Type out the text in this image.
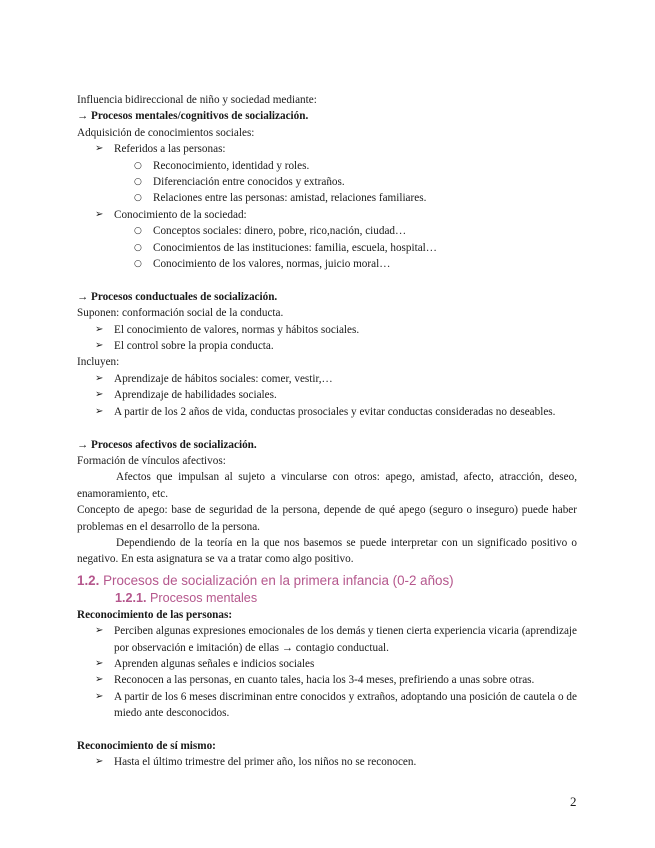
Influencia bidireccional de niño y sociedad mediante:
→ Procesos mentales/cognitivos de socialización.
Adquisición de conocimientos sociales:
➢ Referidos a las personas:
○ Reconocimiento, identidad y roles.
○ Diferenciación entre conocidos y extraños.
○ Relaciones entre las personas: amistad, relaciones familiares.
➢ Conocimiento de la sociedad:
○ Conceptos sociales: dinero, pobre, rico,nación, ciudad…
○ Conocimientos de las instituciones: familia, escuela, hospital…
○ Conocimiento de los valores, normas, juicio moral…
→ Procesos conductuales de socialización.
Suponen: conformación social de la conducta.
➢ El conocimiento de valores, normas y hábitos sociales.
➢ El control sobre la propia conducta.
Incluyen:
➢ Aprendizaje de hábitos sociales: comer, vestir,…
➢ Aprendizaje de habilidades sociales.
➢ A partir de los 2 años de vida, conductas prosociales y evitar conductas consideradas no deseables.
→ Procesos afectivos de socialización.
Formación de vínculos afectivos:
Afectos que impulsan al sujeto a vincularse con otros: apego, amistad, afecto, atracción, deseo, enamoramiento, etc.
Concepto de apego: base de seguridad de la persona, depende de qué apego (seguro o inseguro) puede haber problemas en el desarrollo de la persona.
Dependiendo de la teoría en la que nos basemos se puede interpretar con un significado positivo o negativo. En esta asignatura se va a tratar como algo positivo.
1.2. Procesos de socialización en la primera infancia (0-2 años)
1.2.1. Procesos mentales
Reconocimiento de las personas:
➢ Perciben algunas expresiones emocionales de los demás y tienen cierta experiencia vicaria (aprendizaje por observación e imitación) de ellas → contagio conductual.
➢ Aprenden algunas señales e indicios sociales
➢ Reconocen a las personas, en cuanto tales, hacia los 3-4 meses, prefiriendo a unas sobre otras.
➢ A partir de los 6 meses discriminan entre conocidos y extraños, adoptando una posición de cautela o de miedo ante desconocidos.
Reconocimiento de sí mismo:
➢ Hasta el último trimestre del primer año, los niños no se reconocen.
2
